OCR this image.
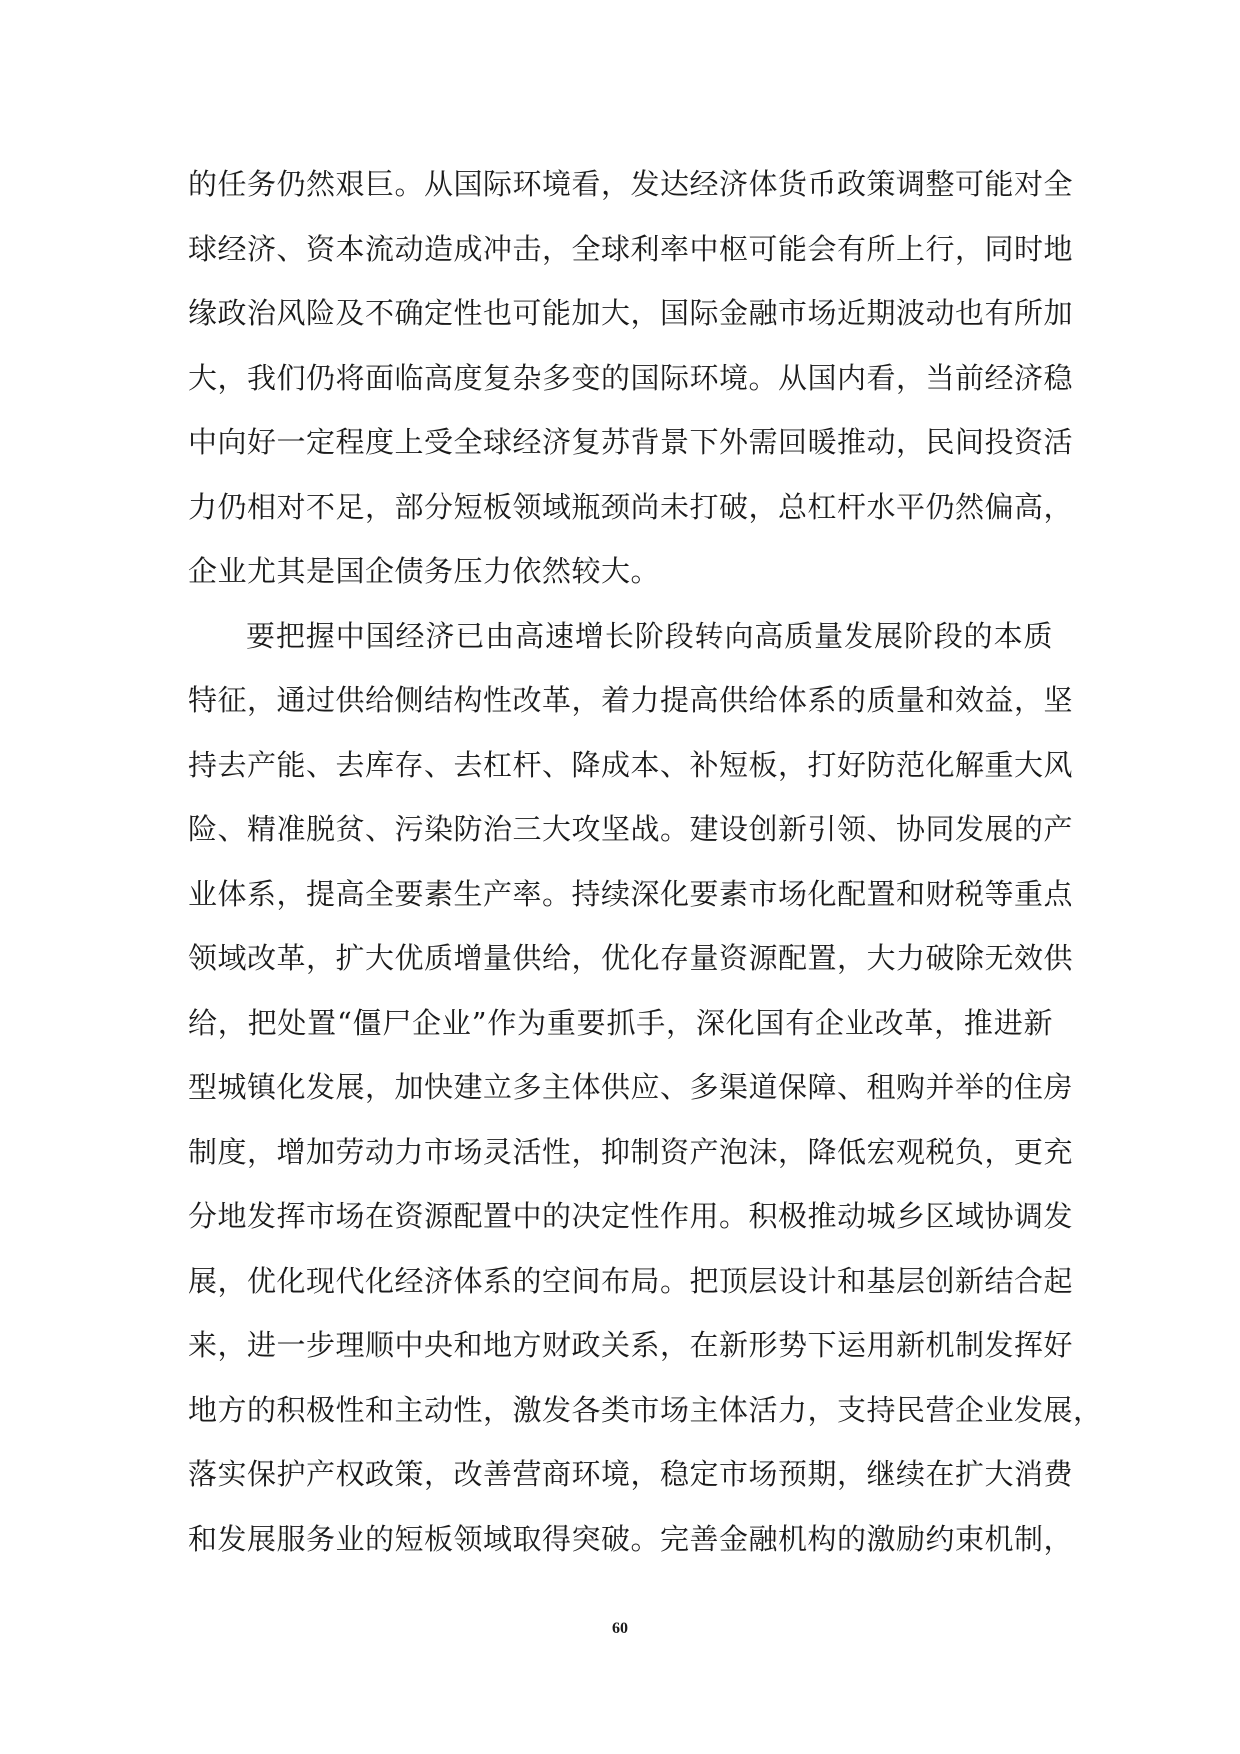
的任务仍然艰巨。从国际环境看，发达经济体货币政策调整可能对全
球经济、资本流动造成冲击，全球利率中枢可能会有所上行，同时地
缘政治风险及不确定性也可能加大，国际金融市场近期波动也有所加
大，我们仍将面临高度复杂多变的国际环境。从国内看，当前经济稳
中向好一定程度上受全球经济复苏背景下外需回暖推动，民间投资活
力仍相对不足，部分短板领域瓶颈尚未打破，总杠杆水平仍然偏高，
企业尤其是国企债务压力依然较大。
要把握中国经济已由高速增长阶段转向高质量发展阶段的本质
特征，通过供给侧结构性改革，着力提高供给体系的质量和效益，坚
持去产能、去库存、去杠杆、降成本、补短板，打好防范化解重大风
险、精准脱贫、污染防治三大攻坚战。建设创新引领、协同发展的产
业体系，提高全要素生产率。持续深化要素市场化配置和财税等重点
领域改革，扩大优质增量供给，优化存量资源配置，大力破除无效供
给，把处置“僵尸企业”作为重要抓手，深化国有企业改革，推进新
型城镇化发展，加快建立多主体供应、多渠道保障、租购并举的住房
制度，增加劳动力市场灵活性，抑制资产泡沫，降低宏观税负，更充
分地发挥市场在资源配置中的决定性作用。积极推动城乡区域协调发
展，优化现代化经济体系的空间布局。把顶层设计和基层创新结合起
来，进一步理顺中央和地方财政关系，在新形势下运用新机制发挥好
地方的积极性和主动性，激发各类市场主体活力，支持民营企业发展，
落实保护产权政策，改善营商环境，稳定市场预期，继续在扩大消费
和发展服务业的短板领域取得突破。完善金融机构的激励约束机制，
60
